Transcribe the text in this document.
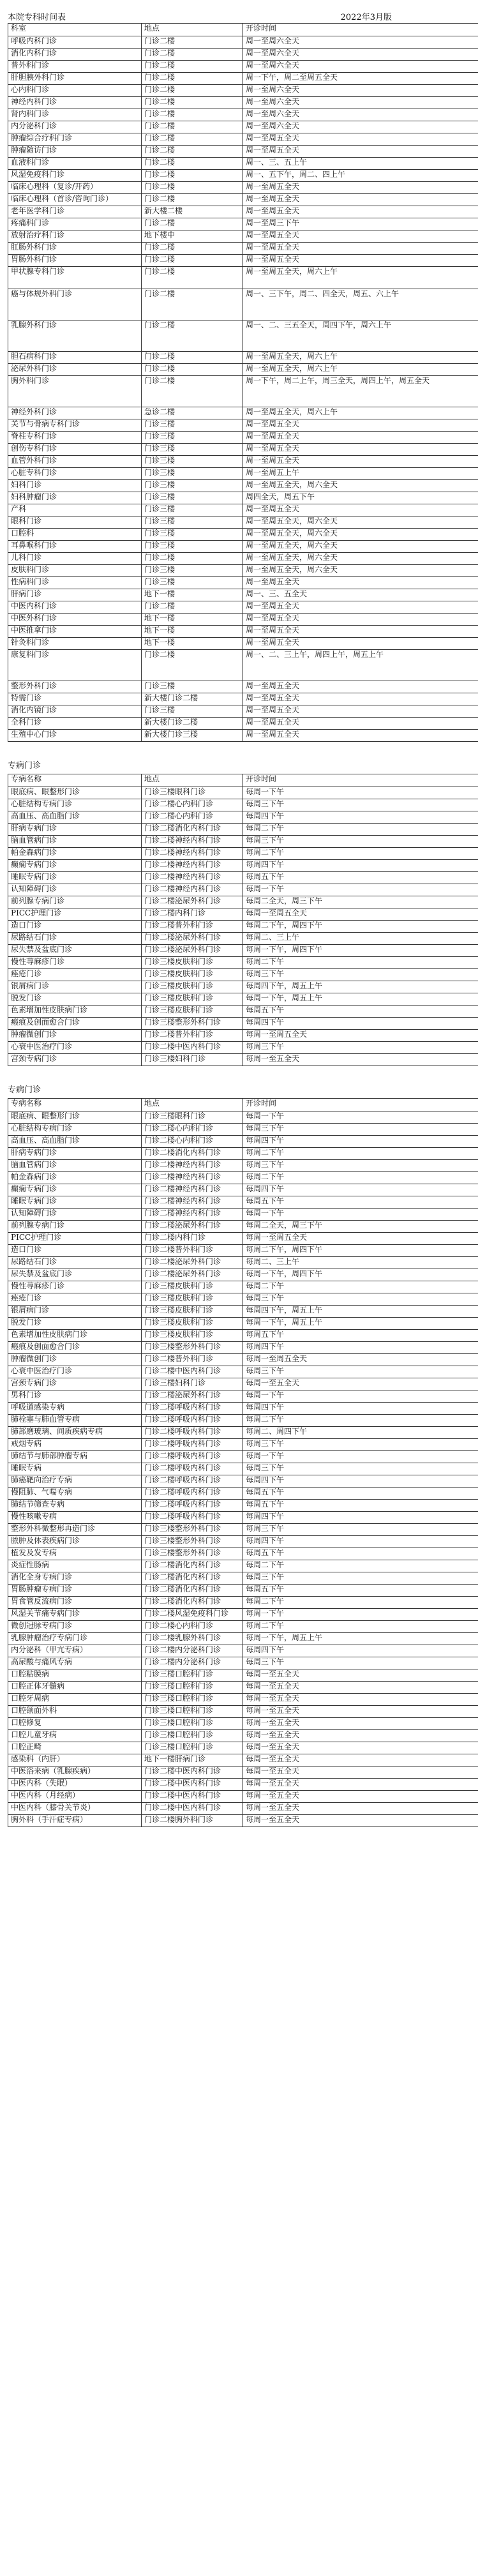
本院专科时间表	2022年3月版
科室	地点	开诊时间
呼吸内科门诊	门诊二楼	周一至周六全天
消化内科门诊	门诊二楼	周一至周六全天
普外科门诊	门诊二楼	周一至周六全天
肝胆胰外科门诊	门诊二楼	周一下午，周二至周五全天
心内科门诊	门诊二楼	周一至周六全天
神经内科门诊	门诊二楼	周一至周六全天
肾内科门诊	门诊二楼	周一至周六全天
内分泌科门诊	门诊二楼	周一至周六全天
肿瘤综合疗科门诊	门诊二楼	周一至周五全天
肿瘤随访门诊	门诊二楼	周一至周五全天
血液科门诊	门诊二楼	周一、三、五上午
风湿免疫科门诊	门诊二楼	周一、五下午，周二、四上午
临床心理科（复诊/开药）	门诊二楼	周一至周五全天
临床心理科（首诊/咨询门诊）	门诊二楼	周一至周五全天
老年医学科门诊	新大楼二楼	周一至周五全天
疼痛科门诊	门诊二楼	周一至周三下午
放射治疗科门诊	地下楼中	周一至周五全天
肛肠外科门诊	门诊二楼	周一至周五全天
胃肠外科门诊	门诊二楼	周一至周五全天
甲状腺专科门诊	门诊二楼	周一至周五全天，周六上午
癌与体规外科门诊	门诊二楼	周一、三下午，周二、四全天，周五、六上午
乳腺外科门诊	门诊二楼	周一、二、三五全天，周四下午，周六上午
胆石病科门诊	门诊二楼	周一至周五全天，周六上午
泌尿外科门诊	门诊二楼	周一至周五全天，周六上午
胸外科门诊	门诊二楼	周一下午，周二上午，周三全天，周四上午，周五全天
神经外科门诊	急诊二楼	周一至周五全天，周六上午
关节与骨病专科门诊	门诊三楼	周一至周五全天
脊柱专科门诊	门诊三楼	周一至周五全天
创伤专科门诊	门诊三楼	周一至周五全天
血管外科门诊	门诊三楼	周一至周五全天
心脏专科门诊	门诊三楼	周一至周五上午
妇科门诊	门诊三楼	周一至周五全天，周六全天
妇科肿瘤门诊	门诊三楼	周四全天，周五下午
产科	门诊三楼	周一至周五全天
眼科门诊	门诊三楼	周一至周五全天，周六全天
口腔科	门诊三楼	周一至周五全天，周六全天
耳鼻喉科门诊	门诊三楼	周一至周五全天，周六全天
儿科门诊	门诊二楼	周一至周五全天，周六全天
皮肤科门诊	门诊三楼	周一至周五全天，周六全天
性病科门诊	门诊三楼	周一至周五全天
肝病门诊	地下一楼	周一、三、五全天
中医内科门诊	门诊二楼	周一至周五全天
中医外科门诊	地下一楼	周一至周五全天
中医推拿门诊	地下一楼	周一至周五全天
针灸科门诊	地下一楼	周一至周五全天
康复科门诊	门诊二楼	周一、二、三上午，周四上午，周五上午
整形外科门诊	门诊三楼	周一至周五全天
特需门诊	新大楼门诊二楼	周一至周五全天
消化内镜门诊	门诊三楼	周一至周五全天
全科门诊	新大楼门诊二楼	周一至周五全天
生殖中心门诊	新大楼门诊三楼	周一至周五全天
专病门诊
专病名称	地点	开诊时间
眼底病、眼整形门诊	门诊三楼眼科门诊	每周一下午
心脏结构专病门诊	门诊二楼心内科门诊	每周三下午
高血压、高血脂门诊	门诊二楼心内科门诊	每周四下午
肝病专病门诊	门诊二楼消化内科门诊	每周二下午
脑血管病门诊	门诊二楼神经内科门诊	每周三下午
帕金森病门诊	门诊二楼神经内科门诊	每周二下午
癫痫专病门诊	门诊二楼神经内科门诊	每周四下午
睡眠专病门诊	门诊二楼神经内科门诊	每周五下午
认知障碍门诊	门诊二楼神经内科门诊	每周一下午
前列腺专病门诊	门诊二楼泌尿外科门诊	每周二全天，周三下午
PICC护理门诊	门诊二楼内科门诊	每周一至周五全天
造口门诊	门诊二楼普外科门诊	每周二下午，周四下午
尿路结石门诊	门诊二楼泌尿外科门诊	每周二、三上午
尿失禁及盆底门诊	门诊二楼泌尿外科门诊	每周一下午，周四下午
慢性荨麻疹门诊	门诊三楼皮肤科门诊	每周二下午
痤疮门诊	门诊三楼皮肤科门诊	每周三下午
银屑病门诊	门诊三楼皮肤科门诊	每周四下午，周五上午
脱发门诊	门诊三楼皮肤科门诊	每周一下午，周五上午
色素增加性皮肤病门诊	门诊三楼皮肤科门诊	每周五下午
瘢痕及创面愈合门诊	门诊三楼整形外科门诊	每周四下午
肿瘤微创门诊	门诊二楼普外科门诊	每周一至周五全天
心衰中医治疗门诊	门诊二楼中医内科门诊	每周三下午
宫颈专病门诊	门诊三楼妇科门诊	每周一至五全天
专病门诊
专病名称	地点	开诊时间
眼底病、眼整形门诊	门诊三楼眼科门诊	每周一下午
心脏结构专病门诊	门诊二楼心内科门诊	每周三下午
高血压、高血脂门诊	门诊二楼心内科门诊	每周四下午
肝病专病门诊	门诊二楼消化内科门诊	每周二下午
脑血管病门诊	门诊二楼神经内科门诊	每周三下午
帕金森病门诊	门诊二楼神经内科门诊	每周二下午
癫痫专病门诊	门诊二楼神经内科门诊	每周四下午
睡眠专病门诊	门诊二楼神经内科门诊	每周五下午
认知障碍门诊	门诊二楼神经内科门诊	每周一下午
前列腺专病门诊	门诊二楼泌尿外科门诊	每周二全天，周三下午
PICC护理门诊	门诊二楼内科门诊	每周一至周五全天
造口门诊	门诊二楼普外科门诊	每周二下午，周四下午
尿路结石门诊	门诊二楼泌尿外科门诊	每周二、三上午
尿失禁及盆底门诊	门诊二楼泌尿外科门诊	每周一下午，周四下午
慢性荨麻疹门诊	门诊三楼皮肤科门诊	每周二下午
痤疮门诊	门诊三楼皮肤科门诊	每周三下午
银屑病门诊	门诊三楼皮肤科门诊	每周四下午，周五上午
脱发门诊	门诊三楼皮肤科门诊	每周一下午，周五上午
色素增加性皮肤病门诊	门诊三楼皮肤科门诊	每周五下午
瘢痕及创面愈合门诊	门诊三楼整形外科门诊	每周四下午
肿瘤微创门诊	门诊二楼普外科门诊	每周一至周五全天
心衰中医治疗门诊	门诊二楼中医内科门诊	每周三下午
宫颈专病门诊	门诊三楼妇科门诊	每周一至五全天
男科门诊	门诊二楼泌尿外科门诊	每周一下午
呼吸道感染专病	门诊二楼呼吸内科门诊	每周四下午
肺栓塞与肺血管专病	门诊二楼呼吸内科门诊	每周二下午
肺部磨玻璃、间质疾病专病	门诊二楼呼吸内科门诊	每周二、周四下午
戒烟专病	门诊二楼呼吸内科门诊	每周三下午
肺结节与肺部肿瘤专病	门诊二楼呼吸内科门诊	每周一下午
睡眠专病	门诊二楼呼吸内科门诊	每周三下午
肺癌靶向治疗专病	门诊二楼呼吸内科门诊	每周四下午
慢阻肺、气喘专病	门诊二楼呼吸内科门诊	每周五下午
肺结节筛查专病	门诊二楼呼吸内科门诊	每周五下午
慢性咳嗽专病	门诊二楼呼吸内科门诊	每周四下午
整形外科微整形再造门诊	门诊三楼整形外科门诊	每周三下午
脓肿及体表疾病门诊	门诊三楼整形外科门诊	每周四下午
植发及发专病	门诊三楼整形外科门诊	每周五下午
炎症性肠病	门诊二楼消化内科门诊	每周二下午
消化全身专病门诊	门诊二楼消化内科门诊	每周三下午
胃肠肿瘤专病门诊	门诊二楼消化内科门诊	每周五下午
胃食管反流病门诊	门诊二楼消化内科门诊	每周二下午
风湿关节痛专病门诊	门诊二楼风湿免疫科门诊	每周一下午
微创冠脉专病门诊	门诊二楼心内科门诊	每周二下午
乳腺肿瘤治疗专病门诊	门诊二楼乳腺外科门诊	每周一下午，周五上午
内分泌科（甲亢专病）	门诊二楼内分泌科门诊	每周四下午
高尿酸与痛风专病	门诊二楼内分泌科门诊	每周三下午
口腔粘膜病	门诊三楼口腔科门诊	每周一至五全天
口腔正体牙髓病	门诊三楼口腔科门诊	每周一至五全天
口腔牙周病	门诊三楼口腔科门诊	每周一至五全天
口腔颌面外科	门诊三楼口腔科门诊	每周一至五全天
口腔修复	门诊三楼口腔科门诊	每周一至五全天
口腔儿童牙病	门诊三楼口腔科门诊	每周一至五全天
口腔正畸	门诊三楼口腔科门诊	每周一至五全天
感染科（内肝）	地下一楼肝病门诊	每周一至五全天
中医浴来病（乳腺疾病）	门诊二楼中医内科门诊	每周一至五全天
中医内科（失眠）	门诊二楼中医内科门诊	每周一至五全天
中医内科（月经病）	门诊二楼中医内科门诊	每周一至五全天
中医内科（膝骨关节炎）	门诊二楼中医内科门诊	每周一至五全天
胸外科（手汗症专病）	门诊二楼胸外科门诊	每周一至五全天
